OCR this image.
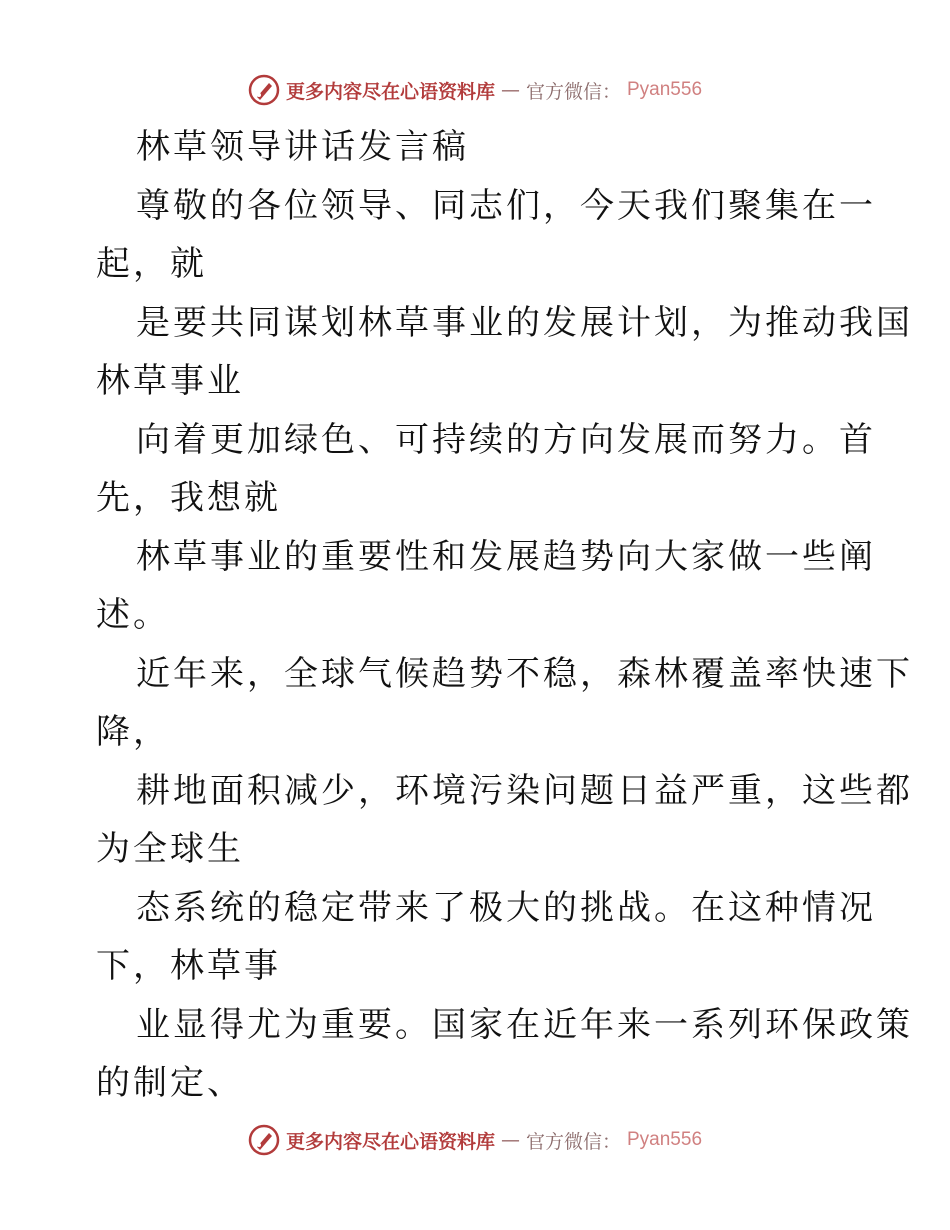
更多内容尽在心语资料库 — 官方微信： Pyan556
林草领导讲话发言稿
尊敬的各位领导、同志们，今天我们聚集在一
起，就
是要共同谋划林草事业的发展计划，为推动我国
林草事业
向着更加绿色、可持续的方向发展而努力。首
先，我想就
林草事业的重要性和发展趋势向大家做一些阐
述。
近年来，全球气候趋势不稳，森林覆盖率快速下
降，
耕地面积减少，环境污染问题日益严重，这些都
为全球生
态系统的稳定带来了极大的挑战。在这种情况
下，林草事
业显得尤为重要。国家在近年来一系列环保政策
的制定、
更多内容尽在心语资料库 — 官方微信： Pyan556
